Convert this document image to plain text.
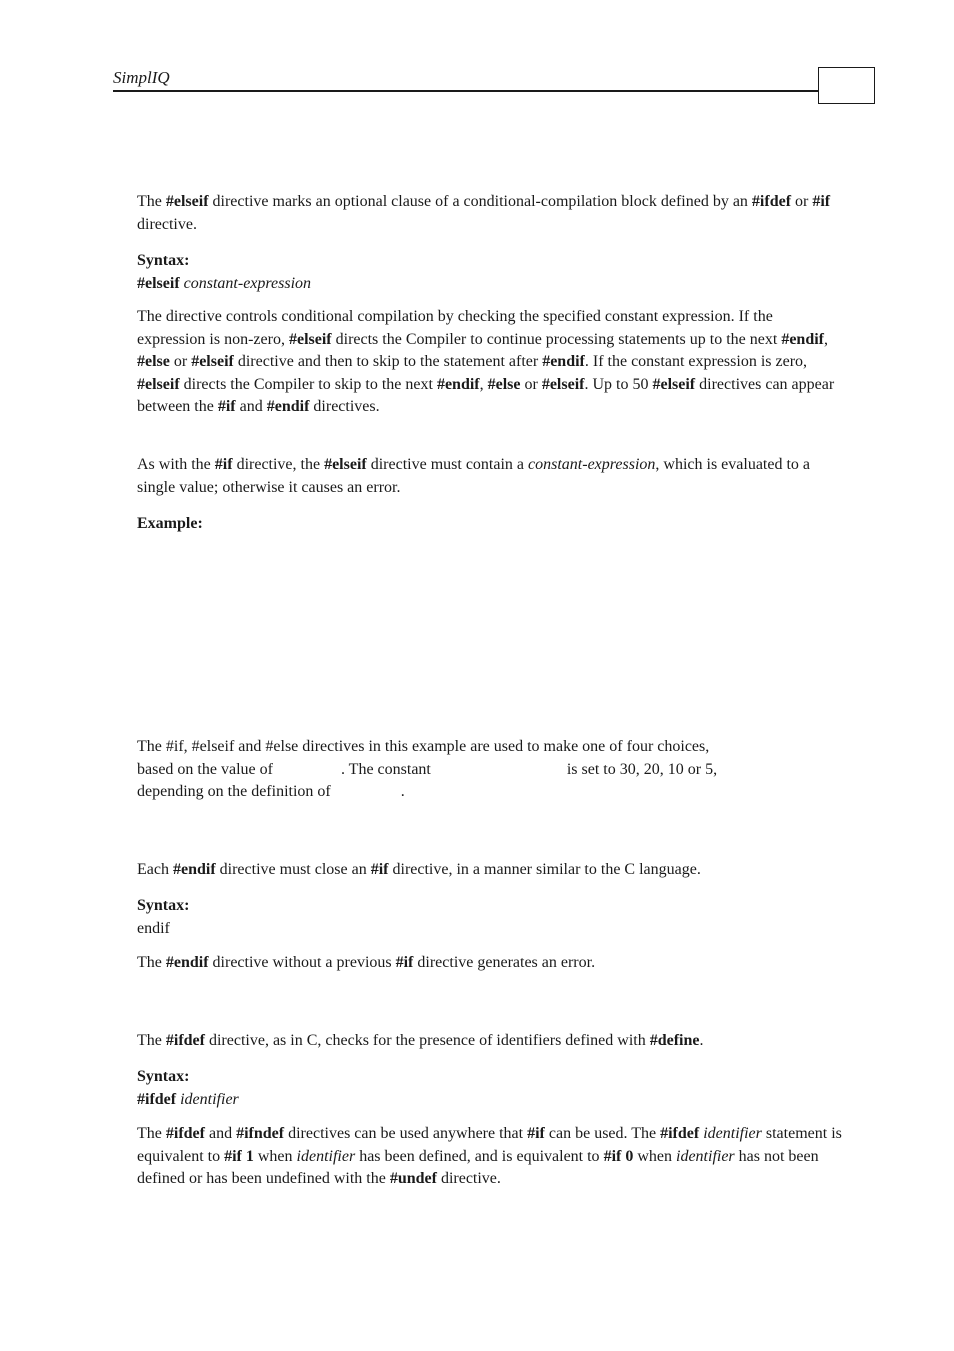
SimplIQ

The #elseif directive marks an optional clause of a conditional-compilation block defined by an #ifdef or #if directive.

Syntax:

#elseif constant-expression

The directive controls conditional compilation by checking the specified constant expression. If the expression is non-zero, #elseif directs the Compiler to continue processing statements up to the next #endif, #else or #elseif directive and then to skip to the statement after #endif. If the constant expression is zero, #elseif directs the Compiler to skip to the next #endif, #else or #elseif. Up to 50 #elseif directives can appear between the #if and #endif directives.

As with the #if directive, the #elseif directive must contain a constant-expression, which is evaluated to a single value; otherwise it causes an error.

Example:

The #if, #elseif and #else directives in this example are used to make one of four choices,

based on the value of	. The constant	is set to 30, 20, 10 or 5,

depending on the definition of	.

Each #endif directive must close an #if directive, in a manner similar to the C language.

Syntax:

endif

The #endif directive without a previous #if directive generates an error.

The #ifdef directive, as in C, checks for the presence of identifiers defined with #define.

Syntax:

#ifdef identifier

The #ifdef and #ifndef directives can be used anywhere that #if can be used. The #ifdef identifier statement is equivalent to #if 1 when identifier has been defined, and is equivalent to #if 0 when identifier has not been defined or has been undefined with the #undef directive.
